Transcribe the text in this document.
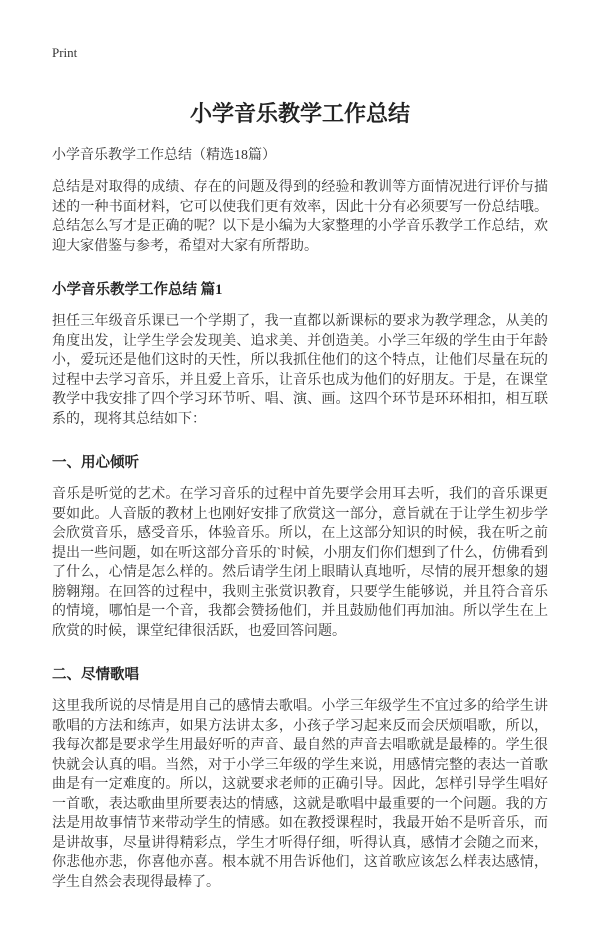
Print
小学音乐教学工作总结

小学音乐教学工作总结（精选18篇）

总结是对取得的成绩、存在的问题及得到的经验和教训等方面情况进行评价与描述的一种书面材料，它可以使我们更有效率，因此十分有必须要写一份总结哦。总结怎么写才是正确的呢？以下是小编为大家整理的小学音乐教学工作总结，欢迎大家借鉴与参考，希望对大家有所帮助。

小学音乐教学工作总结 篇1

担任三年级音乐课已一个学期了，我一直都以新课标的要求为教学理念，从美的角度出发，让学生学会发现美、追求美、并创造美。小学三年级的学生由于年龄小，爱玩还是他们这时的天性，所以我抓住他们的这个特点，让他们尽量在玩的过程中去学习音乐，并且爱上音乐，让音乐也成为他们的好朋友。于是，在课堂教学中我安排了四个学习环节听、唱、演、画。这四个环节是环环相扣，相互联系的，现将其总结如下：

一、用心倾听

音乐是听觉的艺术。在学习音乐的过程中首先要学会用耳去听，我们的音乐课更要如此。人音版的教材上也刚好安排了欣赏这一部分，意旨就在于让学生初步学会欣赏音乐，感受音乐，体验音乐。所以，在上这部分知识的时候，我在听之前提出一些问题，如在听这部分音乐的`时候，小朋友们你们想到了什么，仿佛看到了什么，心情是怎么样的。然后请学生闭上眼睛认真地听，尽情的展开想象的翅膀翱翔。在回答的过程中，我则主张赏识教育，只要学生能够说，并且符合音乐的情境，哪怕是一个音，我都会赞扬他们，并且鼓励他们再加油。所以学生在上欣赏的时候，课堂纪律很活跃，也爱回答问题。

二、尽情歌唱

这里我所说的尽情是用自己的感情去歌唱。小学三年级学生不宜过多的给学生讲歌唱的方法和练声，如果方法讲太多，小孩子学习起来反而会厌烦唱歌，所以，我每次都是要求学生用最好听的声音、最自然的声音去唱歌就是最棒的。学生很快就会认真的唱。当然，对于小学三年级的学生来说，用感情完整的表达一首歌曲是有一定难度的。所以，这就要求老师的正确引导。因此，怎样引导学生唱好一首歌，表达歌曲里所要表达的情感，这就是歌唱中最重要的一个问题。我的方法是用故事情节来带动学生的情感。如在教授课程时，我最开始不是听音乐，而是讲故事，尽量讲得精彩点，学生才听得仔细，听得认真，感情才会随之而来，你悲他亦悲，你喜他亦喜。根本就不用告诉他们，这首歌应该怎么样表达感情，学生自然会表现得最棒了。
